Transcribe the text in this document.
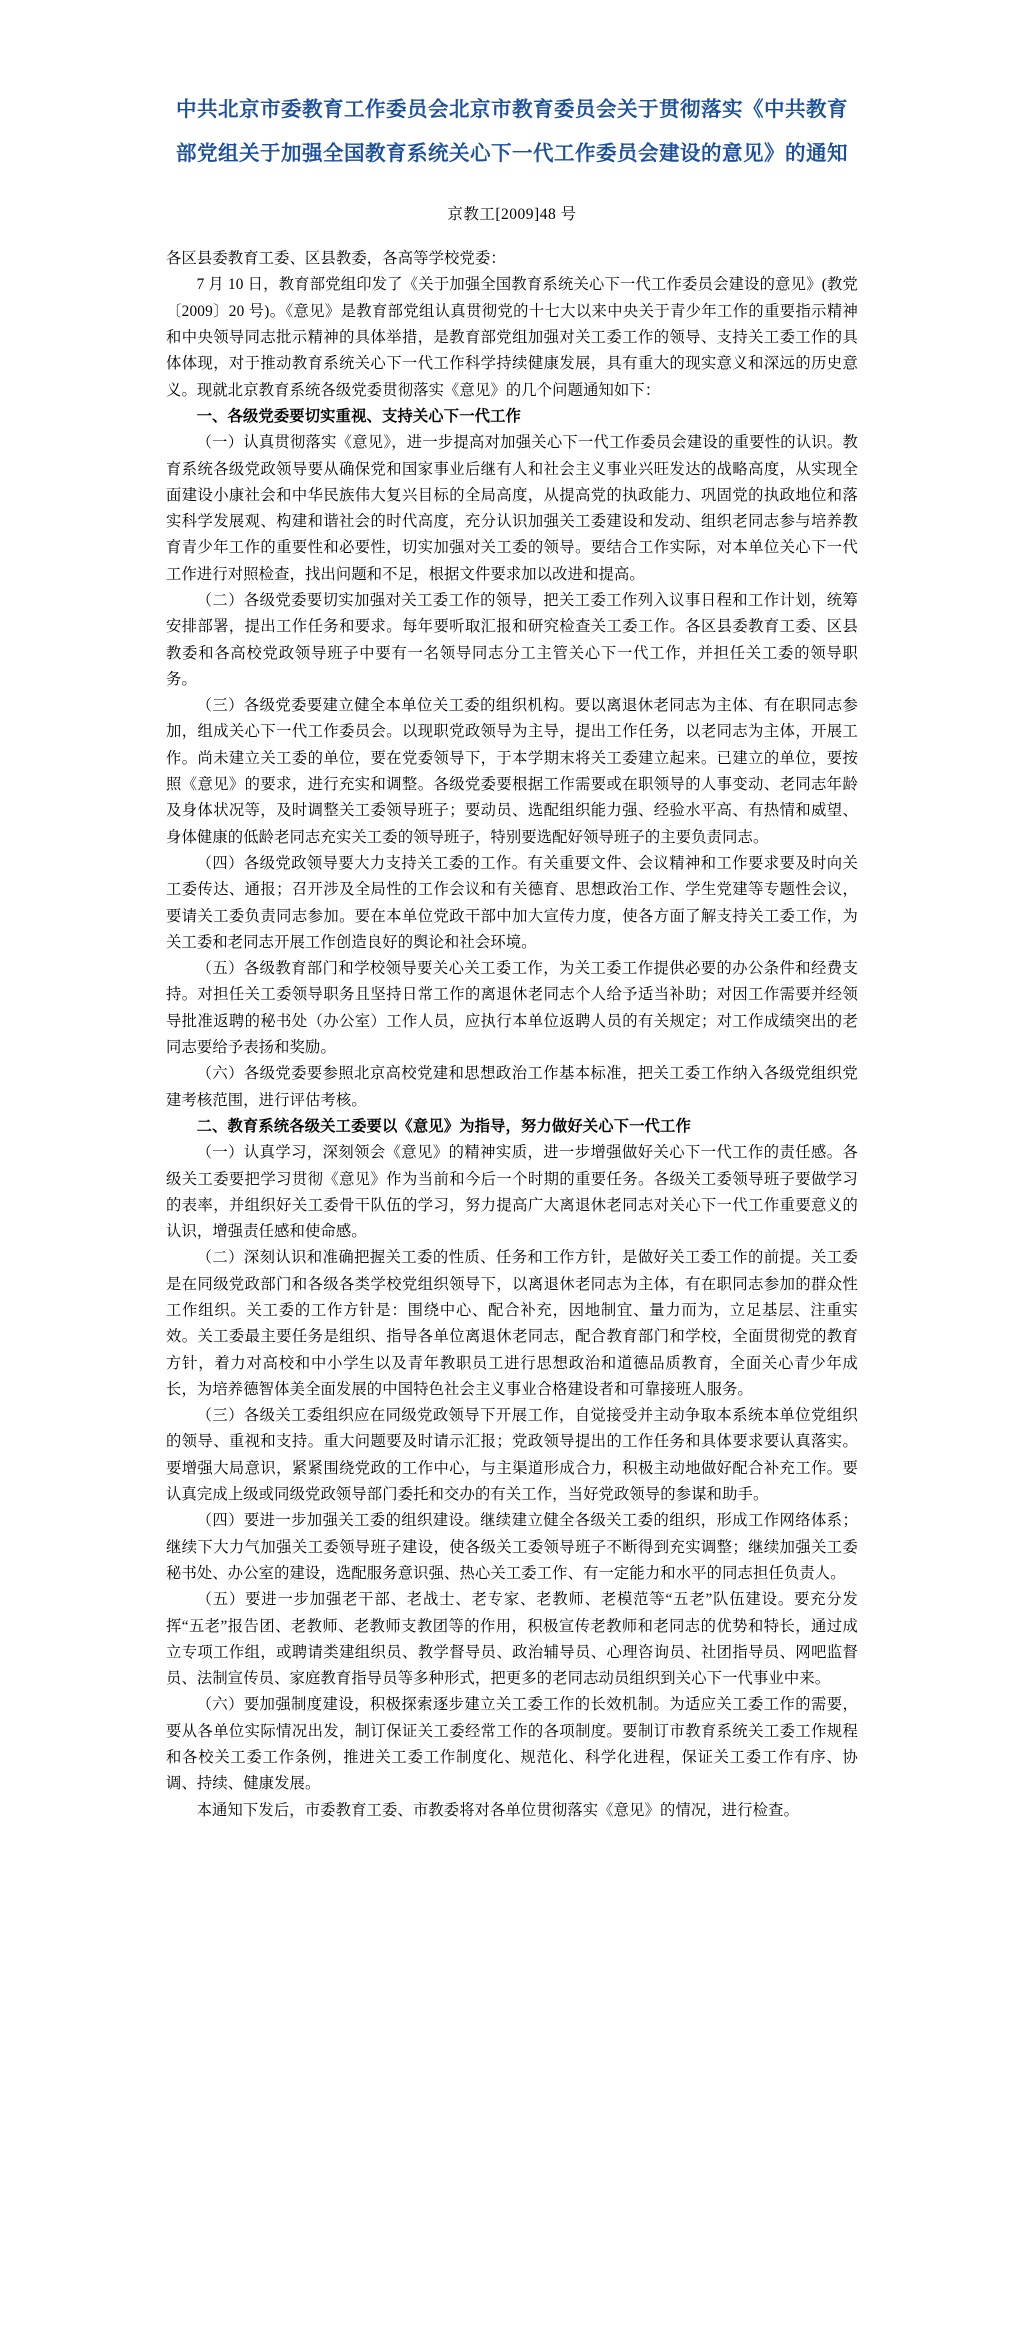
中共北京市委教育工作委员会北京市教育委员会关于贯彻落实《中共教育部党组关于加强全国教育系统关心下一代工作委员会建设的意见》的通知
京教工[2009]48 号

各区县委教育工委、区县教委，各高等学校党委：

7 月 10 日，教育部党组印发了《关于加强全国教育系统关心下一代工作委员会建设的意见》(教党〔2009〕20 号)。《意见》是教育部党组认真贯彻党的十七大以来中央关于青少年工作的重要指示精神和中央领导同志批示精神的具体举措，是教育部党组加强对关工委工作的领导、支持关工委工作的具体体现，对于推动教育系统关心下一代工作科学持续健康发展，具有重大的现实意义和深远的历史意义。现就北京教育系统各级党委贯彻落实《意见》的几个问题通知如下：

一、各级党委要切实重视、支持关心下一代工作

（一）认真贯彻落实《意见》，进一步提高对加强关心下一代工作委员会建设的重要性的认识。教育系统各级党政领导要从确保党和国家事业后继有人和社会主义事业兴旺发达的战略高度，从实现全面建设小康社会和中华民族伟大复兴目标的全局高度，从提高党的执政能力、巩固党的执政地位和落实科学发展观、构建和谐社会的时代高度，充分认识加强关工委建设和发动、组织老同志参与培养教育青少年工作的重要性和必要性，切实加强对关工委的领导。要结合工作实际，对本单位关心下一代工作进行对照检查，找出问题和不足，根据文件要求加以改进和提高。

（二）各级党委要切实加强对关工委工作的领导，把关工委工作列入议事日程和工作计划，统筹安排部署，提出工作任务和要求。每年要听取汇报和研究检查关工委工作。各区县委教育工委、区县教委和各高校党政领导班子中要有一名领导同志分工主管关心下一代工作，并担任关工委的领导职务。

（三）各级党委要建立健全本单位关工委的组织机构。要以离退休老同志为主体、有在职同志参加，组成关心下一代工作委员会。以现职党政领导为主导，提出工作任务，以老同志为主体，开展工作。尚未建立关工委的单位，要在党委领导下，于本学期末将关工委建立起来。已建立的单位，要按照《意见》的要求，进行充实和调整。各级党委要根据工作需要或在职领导的人事变动、老同志年龄及身体状况等，及时调整关工委领导班子；要动员、选配组织能力强、经验水平高、有热情和威望、身体健康的低龄老同志充实关工委的领导班子，特别要选配好领导班子的主要负责同志。

（四）各级党政领导要大力支持关工委的工作。有关重要文件、会议精神和工作要求要及时向关工委传达、通报；召开涉及全局性的工作会议和有关德育、思想政治工作、学生党建等专题性会议，要请关工委负责同志参加。要在本单位党政干部中加大宣传力度，使各方面了解支持关工委工作，为关工委和老同志开展工作创造良好的舆论和社会环境。

（五）各级教育部门和学校领导要关心关工委工作，为关工委工作提供必要的办公条件和经费支持。对担任关工委领导职务且坚持日常工作的离退休老同志个人给予适当补助；对因工作需要并经领导批准返聘的秘书处（办公室）工作人员，应执行本单位返聘人员的有关规定；对工作成绩突出的老同志要给予表扬和奖励。

（六）各级党委要参照北京高校党建和思想政治工作基本标准，把关工委工作纳入各级党组织党建考核范围，进行评估考核。

二、教育系统各级关工委要以《意见》为指导，努力做好关心下一代工作

（一）认真学习，深刻领会《意见》的精神实质，进一步增强做好关心下一代工作的责任感。各级关工委要把学习贯彻《意见》作为当前和今后一个时期的重要任务。各级关工委领导班子要做学习的表率，并组织好关工委骨干队伍的学习，努力提高广大离退休老同志对关心下一代工作重要意义的认识，增强责任感和使命感。

（二）深刻认识和准确把握关工委的性质、任务和工作方针，是做好关工委工作的前提。关工委是在同级党政部门和各级各类学校党组织领导下，以离退休老同志为主体，有在职同志参加的群众性工作组织。关工委的工作方针是：围绕中心、配合补充，因地制宜、量力而为，立足基层、注重实效。关工委最主要任务是组织、指导各单位离退休老同志，配合教育部门和学校，全面贯彻党的教育方针，着力对高校和中小学生以及青年教职员工进行思想政治和道德品质教育，全面关心青少年成长，为培养德智体美全面发展的中国特色社会主义事业合格建设者和可靠接班人服务。

（三）各级关工委组织应在同级党政领导下开展工作，自觉接受并主动争取本系统本单位党组织的领导、重视和支持。重大问题要及时请示汇报；党政领导提出的工作任务和具体要求要认真落实。要增强大局意识，紧紧围绕党政的工作中心，与主渠道形成合力，积极主动地做好配合补充工作。要认真完成上级或同级党政领导部门委托和交办的有关工作，当好党政领导的参谋和助手。

（四）要进一步加强关工委的组织建设。继续建立健全各级关工委的组织，形成工作网络体系；继续下大力气加强关工委领导班子建设，使各级关工委领导班子不断得到充实调整；继续加强关工委秘书处、办公室的建设，选配服务意识强、热心关工委工作、有一定能力和水平的同志担任负责人。

（五）要进一步加强老干部、老战士、老专家、老教师、老模范等“五老”队伍建设。要充分发挥“五老”报告团、老教师、老教师支教团等的作用，积极宣传老教师和老同志的优势和特长，通过成立专项工作组，或聘请类建组织员、教学督导员、政治辅导员、心理咨询员、社团指导员、网吧监督员、法制宣传员、家庭教育指导员等多种形式，把更多的老同志动员组织到关心下一代事业中来。

（六）要加强制度建设，积极探索逐步建立关工委工作的长效机制。为适应关工委工作的需要，要从各单位实际情况出发，制订保证关工委经常工作的各项制度。要制订市教育系统关工委工作规程和各校关工委工作条例，推进关工委工作制度化、规范化、科学化进程，保证关工委工作有序、协调、持续、健康发展。

本通知下发后，市委教育工委、市教委将对各单位贯彻落实《意见》的情况，进行检查。
